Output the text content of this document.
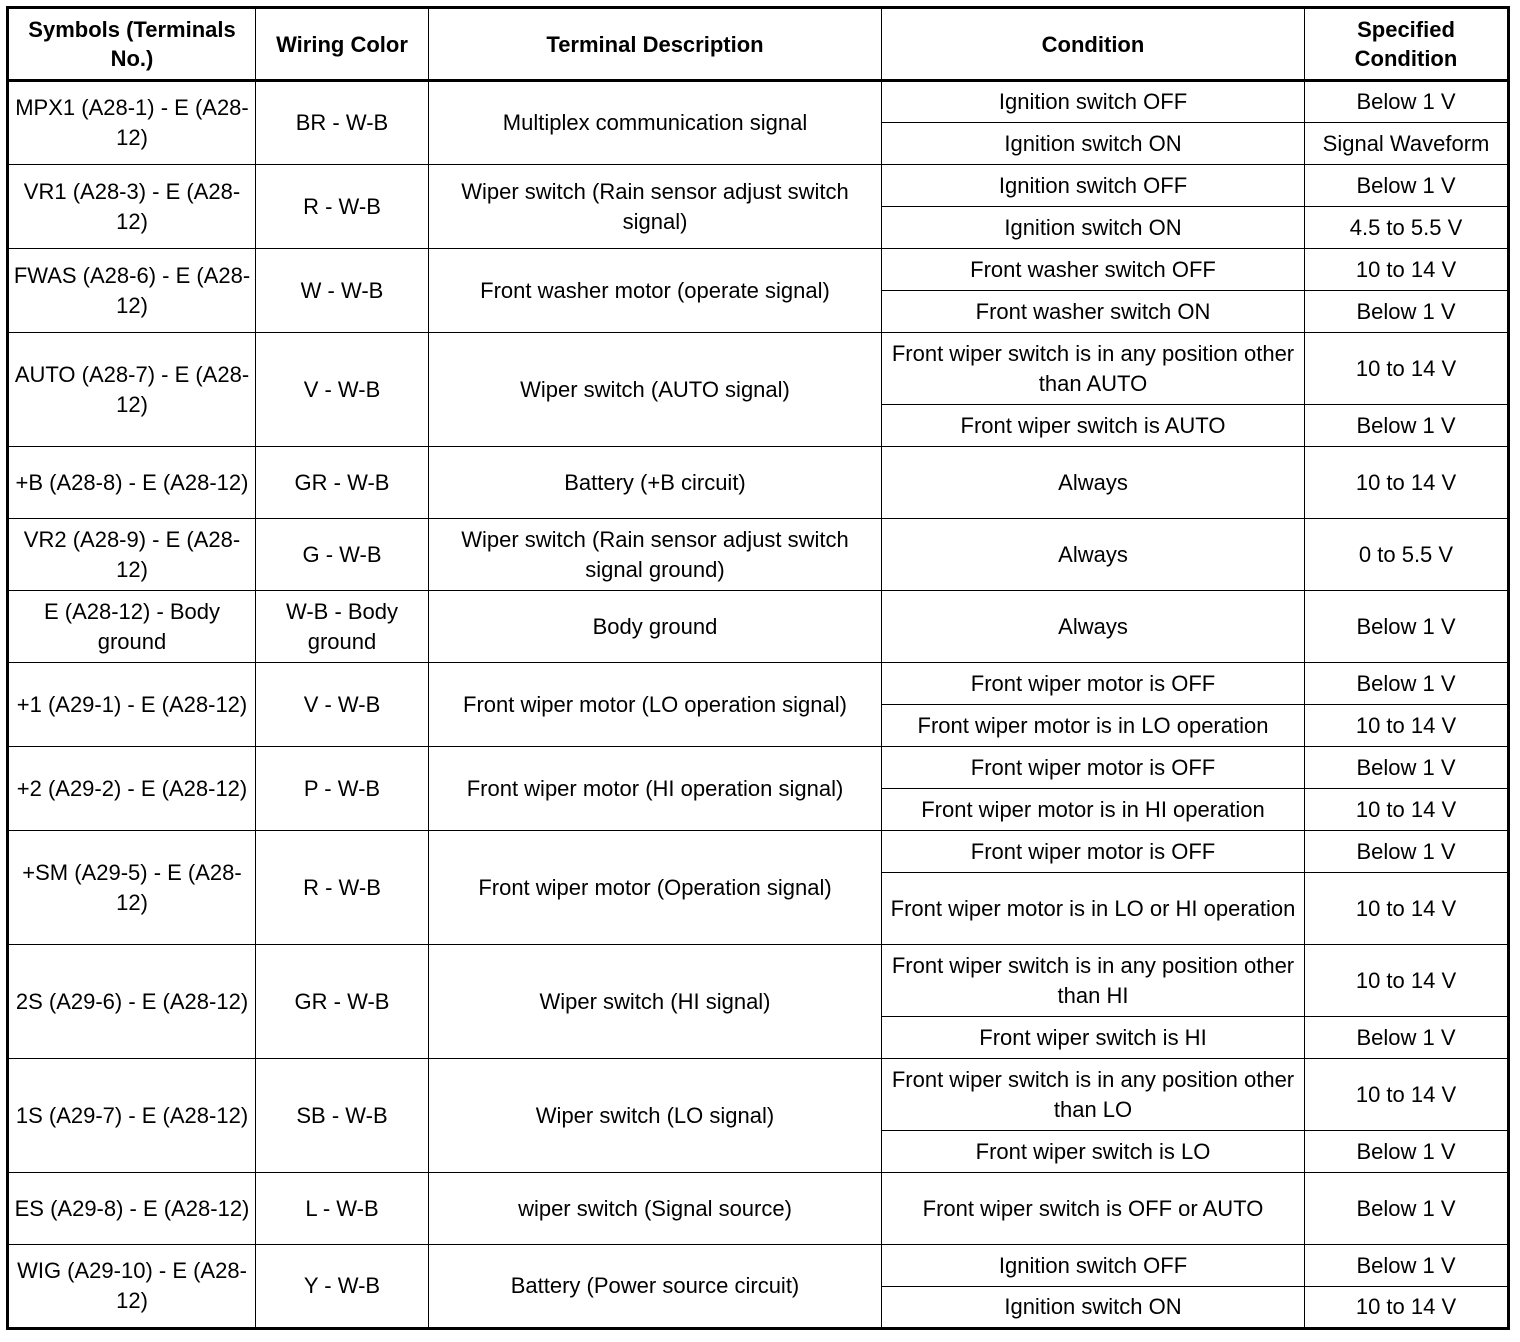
Symbols (Terminals No.)	Wiring Color	Terminal Description	Condition	Specified Condition
MPX1 (A28-1) - E (A28-12)	BR - W-B	Multiplex communication signal	Ignition switch OFF	Below 1 V
			Ignition switch ON	Signal Waveform
VR1 (A28-3) - E (A28-12)	R - W-B	Wiper switch (Rain sensor adjust switch signal)	Ignition switch OFF	Below 1 V
			Ignition switch ON	4.5 to 5.5 V
FWAS (A28-6) - E (A28-12)	W - W-B	Front washer motor (operate signal)	Front washer switch OFF	10 to 14 V
			Front washer switch ON	Below 1 V
AUTO (A28-7) - E (A28-12)	V - W-B	Wiper switch (AUTO signal)	Front wiper switch is in any position other than AUTO	10 to 14 V
			Front wiper switch is AUTO	Below 1 V
+B (A28-8) - E (A28-12)	GR - W-B	Battery (+B circuit)	Always	10 to 14 V
VR2 (A28-9) - E (A28-12)	G - W-B	Wiper switch (Rain sensor adjust switch signal ground)	Always	0 to 5.5 V
E (A28-12) - Body ground	W-B - Body ground	Body ground	Always	Below 1 V
+1 (A29-1) - E (A28-12)	V - W-B	Front wiper motor (LO operation signal)	Front wiper motor is OFF	Below 1 V
			Front wiper motor is in LO operation	10 to 14 V
+2 (A29-2) - E (A28-12)	P - W-B	Front wiper motor (HI operation signal)	Front wiper motor is OFF	Below 1 V
			Front wiper motor is in HI operation	10 to 14 V
+SM (A29-5) - E (A28-12)	R - W-B	Front wiper motor (Operation signal)	Front wiper motor is OFF	Below 1 V
			Front wiper motor is in LO or HI operation	10 to 14 V
2S (A29-6) - E (A28-12)	GR - W-B	Wiper switch (HI signal)	Front wiper switch is in any position other than HI	10 to 14 V
			Front wiper switch is HI	Below 1 V
1S (A29-7) - E (A28-12)	SB - W-B	Wiper switch (LO signal)	Front wiper switch is in any position other than LO	10 to 14 V
			Front wiper switch is LO	Below 1 V
ES (A29-8) - E (A28-12)	L - W-B	wiper switch (Signal source)	Front wiper switch is OFF or AUTO	Below 1 V
WIG (A29-10) - E (A28-12)	Y - W-B	Battery (Power source circuit)	Ignition switch OFF	Below 1 V
			Ignition switch ON	10 to 14 V
